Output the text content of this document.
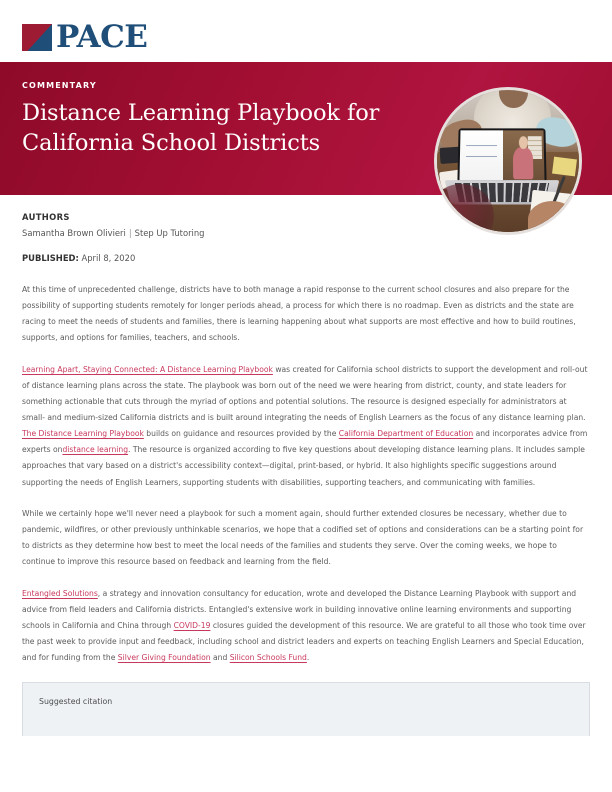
PACE
COMMENTARY
Distance Learning Playbook for
California School Districts
AUTHORS
Samantha Brown Olivieri | Step Up Tutoring
PUBLISHED: April 8, 2020

At this time of unprecedented challenge, districts have to both manage a rapid response to the current school closures and also prepare for the possibility of supporting students remotely for longer periods ahead, a process for which there is no roadmap. Even as districts and the state are racing to meet the needs of students and families, there is learning happening about what supports are most effective and how to build routines, supports, and options for families, teachers, and schools.

Learning Apart, Staying Connected: A Distance Learning Playbook was created for California school districts to support the development and roll-out of distance learning plans across the state. The playbook was born out of the need we were hearing from district, county, and state leaders for something actionable that cuts through the myriad of options and potential solutions. The resource is designed especially for administrators at small- and medium-sized California districts and is built around integrating the needs of English Learners as the focus of any distance learning plan. The Distance Learning Playbook builds on guidance and resources provided by the California Department of Education and incorporates advice from experts ondistance learning. The resource is organized according to five key questions about developing distance learning plans. It includes sample approaches that vary based on a district's accessibility context—digital, print-based, or hybrid. It also highlights specific suggestions around supporting the needs of English Learners, supporting students with disabilities, supporting teachers, and communicating with families.

While we certainly hope we'll never need a playbook for such a moment again, should further extended closures be necessary, whether due to pandemic, wildfires, or other previously unthinkable scenarios, we hope that a codified set of options and considerations can be a starting point for to districts as they determine how best to meet the local needs of the families and students they serve. Over the coming weeks, we hope to continue to improve this resource based on feedback and learning from the field.

Entangled Solutions, a strategy and innovation consultancy for education, wrote and developed the Distance Learning Playbook with support and advice from field leaders and California districts. Entangled's extensive work in building innovative online learning environments and supporting schools in California and China through COVID-19 closures guided the development of this resource. We are grateful to all those who took time over the past week to provide input and feedback, including school and district leaders and experts on teaching English Learners and Special Education, and for funding from the Silver Giving Foundation and Silicon Schools Fund.

Suggested citation
